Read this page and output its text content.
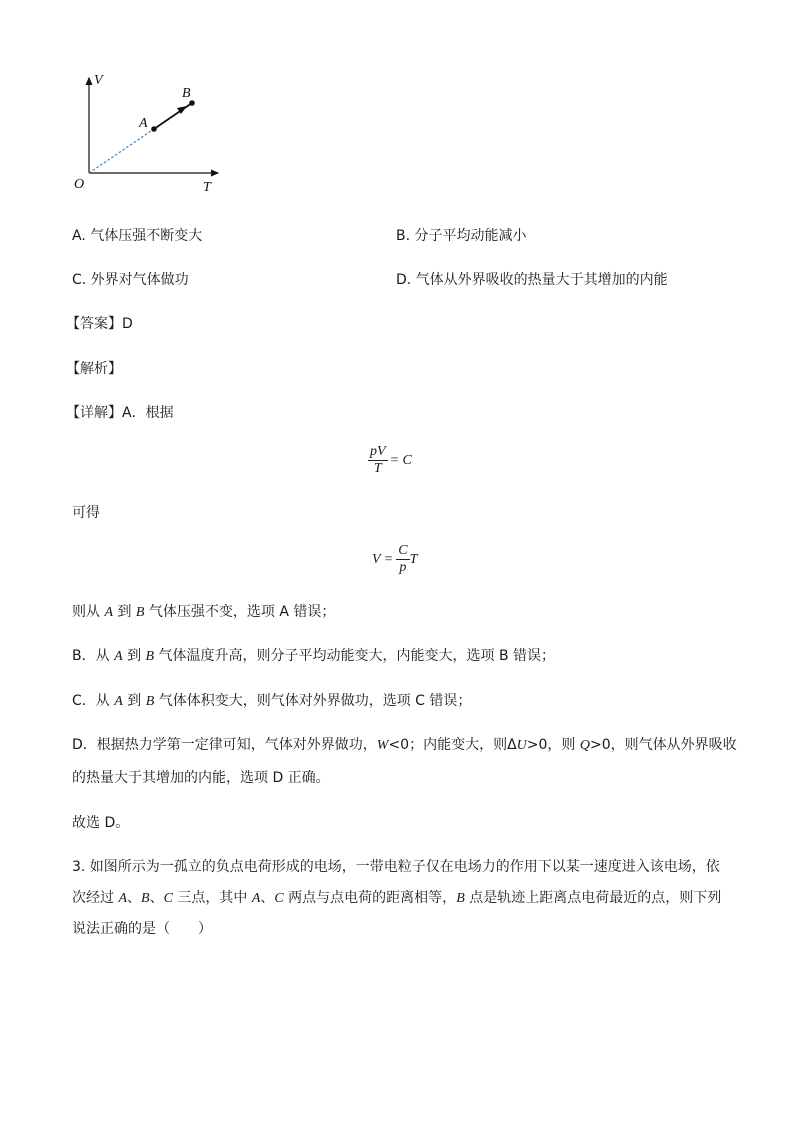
V
T
O
A
B
A. 气体压强不断变大	B. 分子平均动能减小
C. 外界对气体做功	D. 气体从外界吸收的热量大于其增加的内能
【答案】D
【解析】
【详解】A．根据
$\frac{pV}{T} = C$
可得
$V = \frac{C}{p}$ T
则从 A 到 B 气体压强不变，选项 A 错误；
B．从 A 到 B 气体温度升高，则分子平均动能变大，内能变大，选项 B 错误；
C．从 A 到 B 气体体积变大，则气体对外界做功，选项 C 错误；
D．根据热力学第一定律可知，气体对外界做功，W<0；内能变大，则ΔU>0，则 Q>0，则气体从外界吸收
的热量大于其增加的内能，选项 D 正确。
故选 D。
3. 如图所示为一孤立的负点电荷形成的电场，一带电粒子仅在电场力的作用下以某一速度进入该电场，依
次经过 A、B、C 三点，其中 A、C 两点与点电荷的距离相等，B 点是轨迹上距离点电荷最近的点，则下列
说法正确的是（　　）
